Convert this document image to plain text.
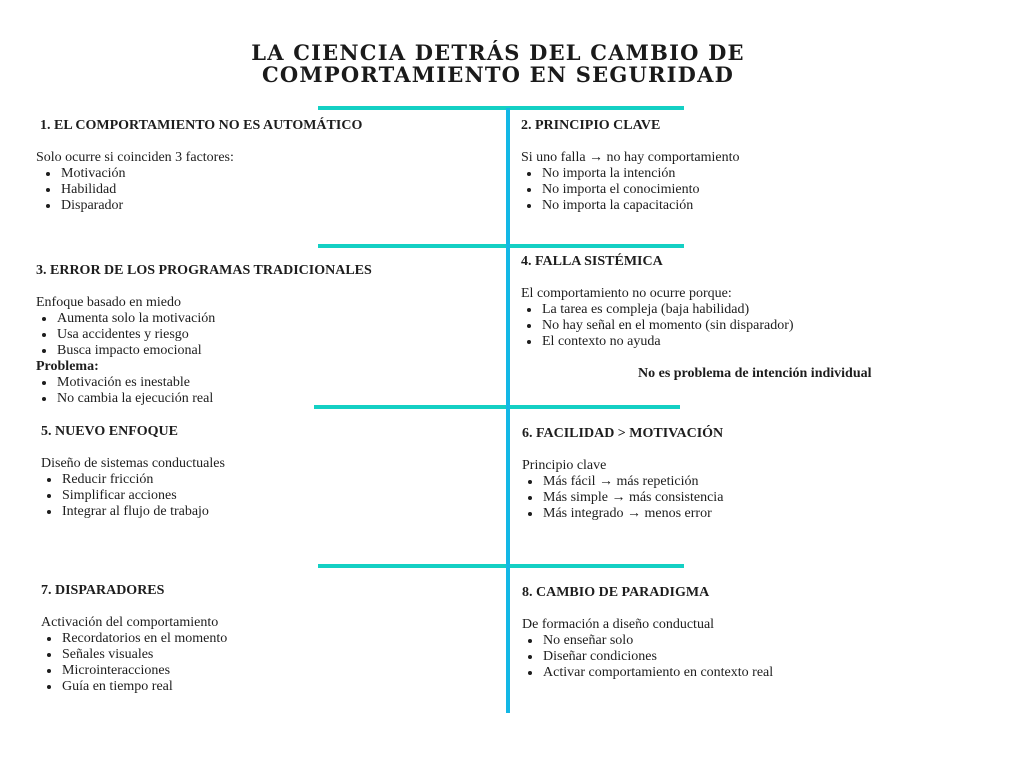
LA CIENCIA DETRÁS DEL CAMBIO DE
COMPORTAMIENTO EN SEGURIDAD
1. EL COMPORTAMIENTO NO ES AUTOMÁTICO

Solo ocurre si coinciden 3 factores:

Motivación
Habilidad
Disparador
2. PRINCIPIO CLAVE

Si uno falla → no hay comportamiento

No importa la intención
No importa el conocimiento
No importa la capacitación
3. ERROR DE LOS PROGRAMAS TRADICIONALES

Enfoque basado en miedo

Aumenta solo la motivación
Usa accidentes y riesgo
Busca impacto emocional

Problema:

Motivación es inestable
No cambia la ejecución real
4. FALLA SISTÉMICA

El comportamiento no ocurre porque:

La tarea es compleja (baja habilidad)
No hay señal en el momento (sin disparador)
El contexto no ayuda
No es problema de intención individual
5. NUEVO ENFOQUE

Diseño de sistemas conductuales

Reducir fricción
Simplificar acciones
Integrar al flujo de trabajo
6. FACILIDAD > MOTIVACIÓN

Principio clave

Más fácil → más repetición
Más simple → más consistencia
Más integrado → menos error
7. DISPARADORES

Activación del comportamiento

Recordatorios en el momento
Señales visuales
Microinteracciones
Guía en tiempo real
8. CAMBIO DE PARADIGMA

De formación a diseño conductual

No enseñar solo
Diseñar condiciones
Activar comportamiento en contexto real
